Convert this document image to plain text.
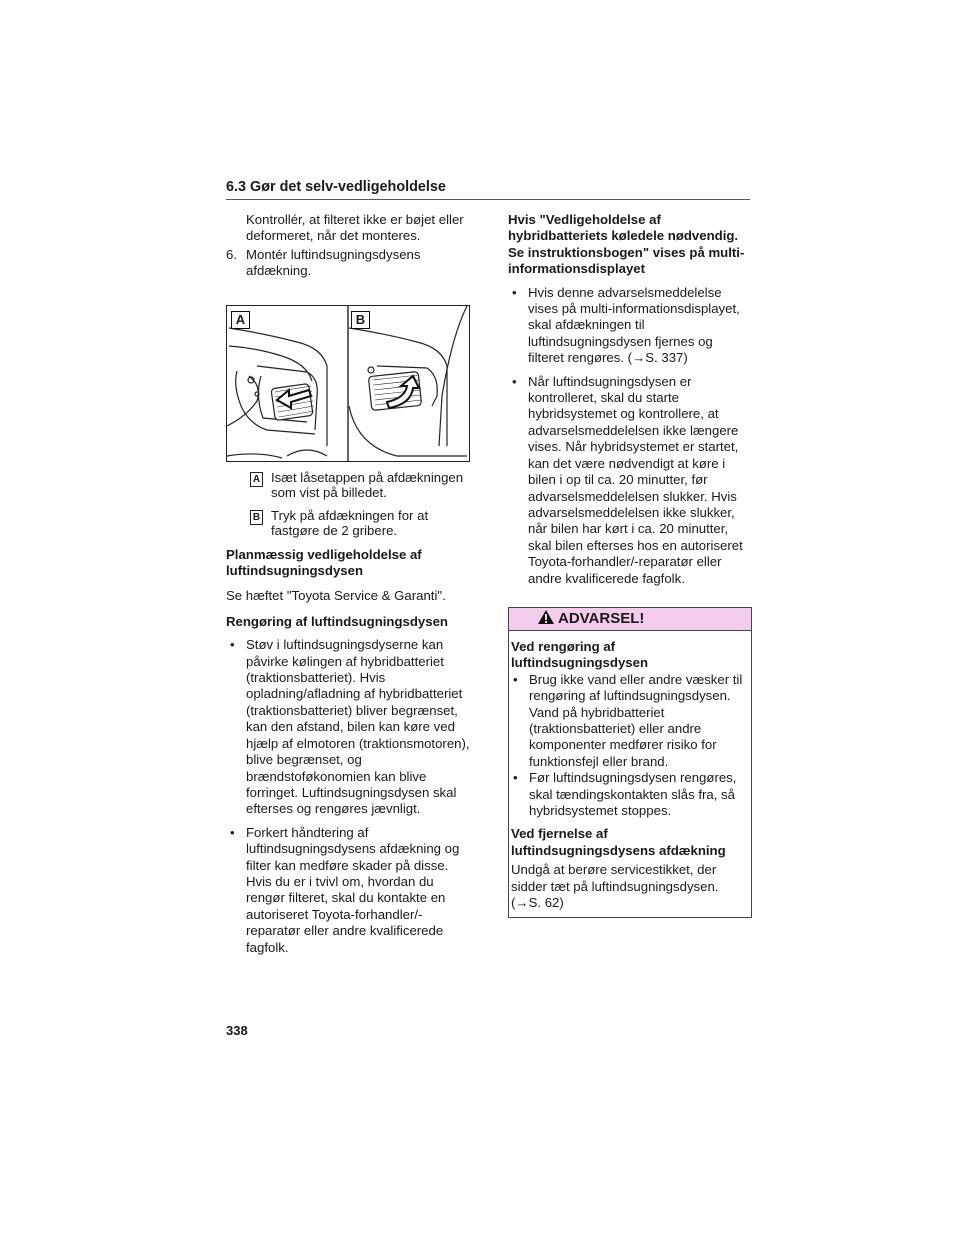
6.3 Gør det selv-vedligeholdelse

Kontrollér, at filteret ikke er bøjet eller deformeret, når det monteres.

6. Montér luftindsugningsdysens afdækning.
A	B
A Isæt låsetappen på afdækningen som vist på billedet.
B Tryk på afdækningen for at fastgøre de 2 gribere.

Planmæssig vedligeholdelse af luftindsugningsdysen

Se hæftet "Toyota Service & Garanti".

Rengøring af luftindsugningsdysen

• Støv i luftindsugningsdyserne kan påvirke kølingen af hybridbatteriet (traktionsbatteriet). Hvis opladning/afladning af hybridbatteriet (traktionsbatteriet) bliver begrænset, kan den afstand, bilen kan køre ved hjælp af elmotoren (traktionsmotoren), blive begrænset, og brændstoføkonomien kan blive forringet. Luftindsugningsdysen skal efterses og rengøres jævnligt.
• Forkert håndtering af luftindsugningsdysens afdækning og filter kan medføre skader på disse. Hvis du er i tvivl om, hvordan du rengør filteret, skal du kontakte en autoriseret Toyota-forhandler/-reparatør eller andre kvalificerede fagfolk.

Hvis "Vedligeholdelse af hybridbatteriets køledele nødvendig. Se instruktionsbogen" vises på multi-informationsdisplayet

• Hvis denne advarselsmeddelelse vises på multi-informationsdisplayet, skal afdækningen til luftindsugningsdysen fjernes og filteret rengøres. (→S. 337)
• Når luftindsugningsdysen er kontrolleret, skal du starte hybridsystemet og kontrollere, at advarselsmeddelelsen ikke længere vises. Når hybridsystemet er startet, kan det være nødvendigt at køre i bilen i op til ca. 20 minutter, før advarselsmeddelelsen slukker. Hvis advarselsmeddelelsen ikke slukker, når bilen har kørt i ca. 20 minutter, skal bilen efterses hos en autoriseret Toyota-forhandler/-reparatør eller andre kvalificerede fagfolk.
ADVARSEL!

Ved rengøring af luftindsugningsdysen

• Brug ikke vand eller andre væsker til rengøring af luftindsugningsdysen. Vand på hybridbatteriet (traktionsbatteriet) eller andre komponenter medfører risiko for funktionsfejl eller brand.
• Før luftindsugningsdysen rengøres, skal tændingskontakten slås fra, så hybridsystemet stoppes.

Ved fjernelse af luftindsugningsdysens afdækning

Undgå at berøre servicestikket, der sidder tæt på luftindsugningsdysen. (→S. 62)

338
